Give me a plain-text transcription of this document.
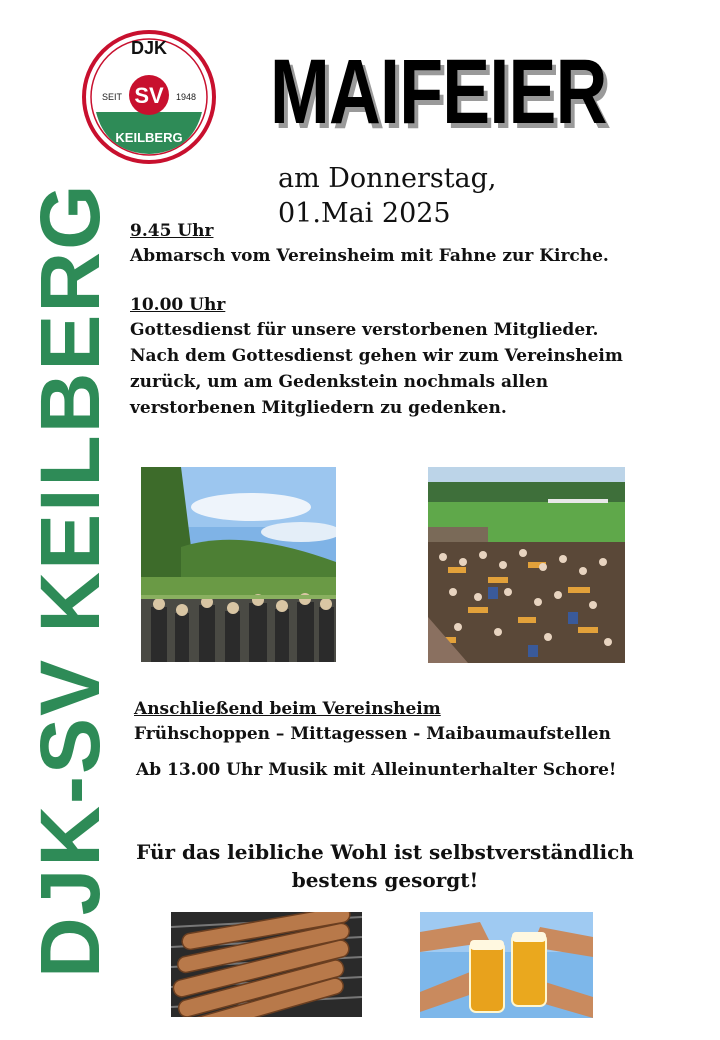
DJK
SV
SEIT	1948
KEILBERG MAIFEIER
DJK-SV KEILBERG
am Donnerstag,
01.Mai 2025
9.45 Uhr
Abmarsch vom Vereinsheim mit Fahne zur Kirche.
10.00 Uhr
Gottesdienst für unsere verstorbenen Mitglieder.
Nach dem Gottesdienst gehen wir zum Vereinsheim
zurück, um am Gedenkstein nochmals allen
verstorbenen Mitgliedern zu gedenken.
Anschließend beim Vereinsheim
Frühschoppen – Mittagessen - Maibaumaufstellen
Ab 13.00 Uhr Musik mit Alleinunterhalter Schore!
Für das leibliche Wohl ist selbstverständlich
bestens gesorgt!
